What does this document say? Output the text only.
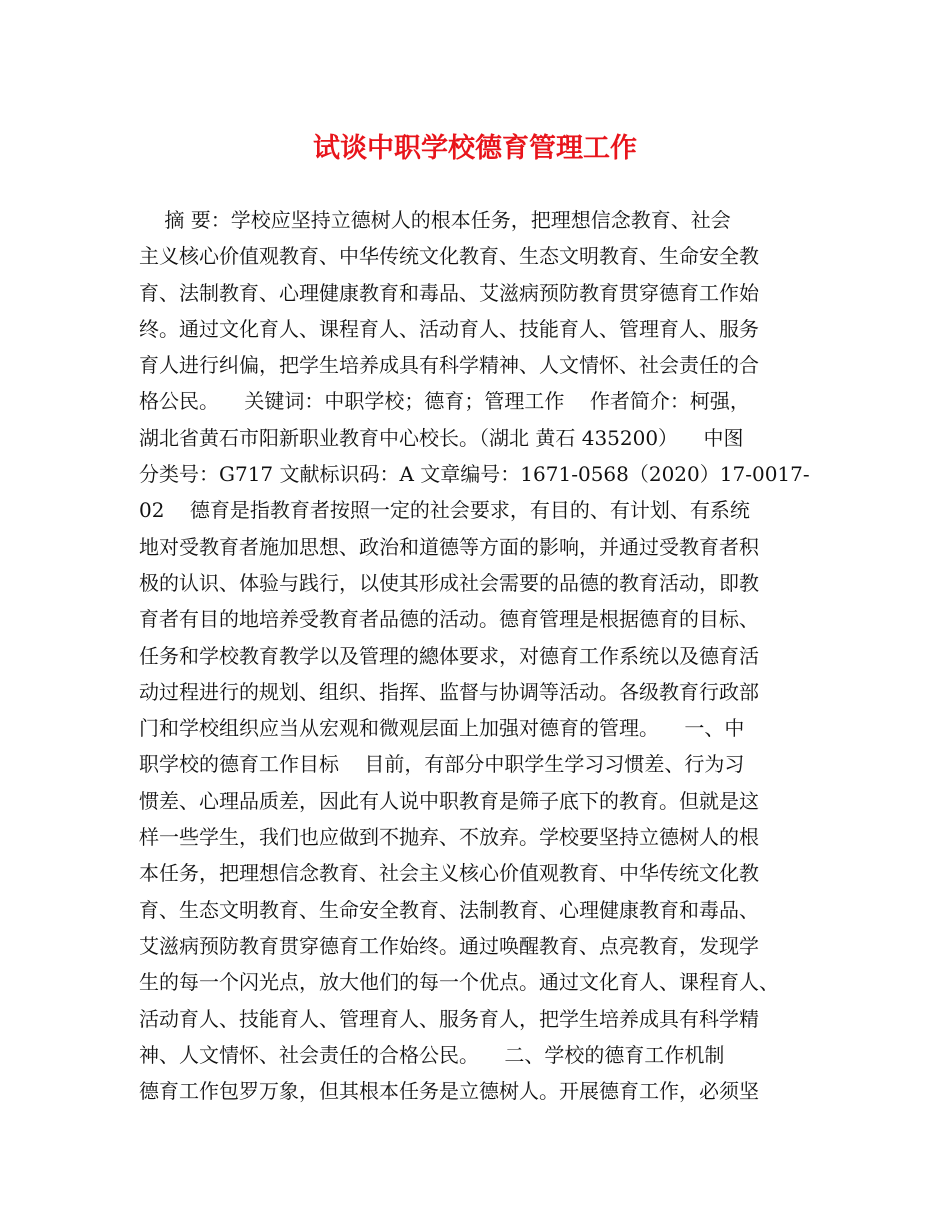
试谈中职学校德育管理工作
摘 要：学校应坚持立德树人的根本任务，把理想信念教育、社会
主义核心价值观教育、中华传统文化教育、生态文明教育、生命安全教
育、法制教育、心理健康教育和毒品、艾滋病预防教育贯穿德育工作始
终。通过文化育人、课程育人、活动育人、技能育人、管理育人、服务
育人进行纠偏，把学生培养成具有科学精神、人文情怀、社会责任的合
格公民。    关键词：中职学校；德育；管理工作    作者简介：柯强，
湖北省黄石市阳新职业教育中心校长。（湖北 黄石 435200）    中图
分类号：G717 文献标识码：A 文章编号：1671-0568（2020）17-0017-
02    德育是指教育者按照一定的社会要求，有目的、有计划、有系统
地对受教育者施加思想、政治和道德等方面的影响，并通过受教育者积
极的认识、体验与践行，以使其形成社会需要的品德的教育活动，即教
育者有目的地培养受教育者品德的活动。德育管理是根据德育的目标、
任务和学校教育教学以及管理的總体要求，对德育工作系统以及德育活
动过程进行的规划、组织、指挥、监督与协调等活动。各级教育行政部
门和学校组织应当从宏观和微观层面上加强对德育的管理。    一、中
职学校的德育工作目标    目前，有部分中职学生学习习惯差、行为习
惯差、心理品质差，因此有人说中职教育是筛子底下的教育。但就是这
样一些学生，我们也应做到不抛弃、不放弃。学校要坚持立德树人的根
本任务，把理想信念教育、社会主义核心价值观教育、中华传统文化教
育、生态文明教育、生命安全教育、法制教育、心理健康教育和毒品、
艾滋病预防教育贯穿德育工作始终。通过唤醒教育、点亮教育，发现学
生的每一个闪光点，放大他们的每一个优点。通过文化育人、课程育人、
活动育人、技能育人、管理育人、服务育人，把学生培养成具有科学精
神、人文情怀、社会责任的合格公民。    二、学校的德育工作机制
德育工作包罗万象，但其根本任务是立德树人。开展德育工作，必须坚
